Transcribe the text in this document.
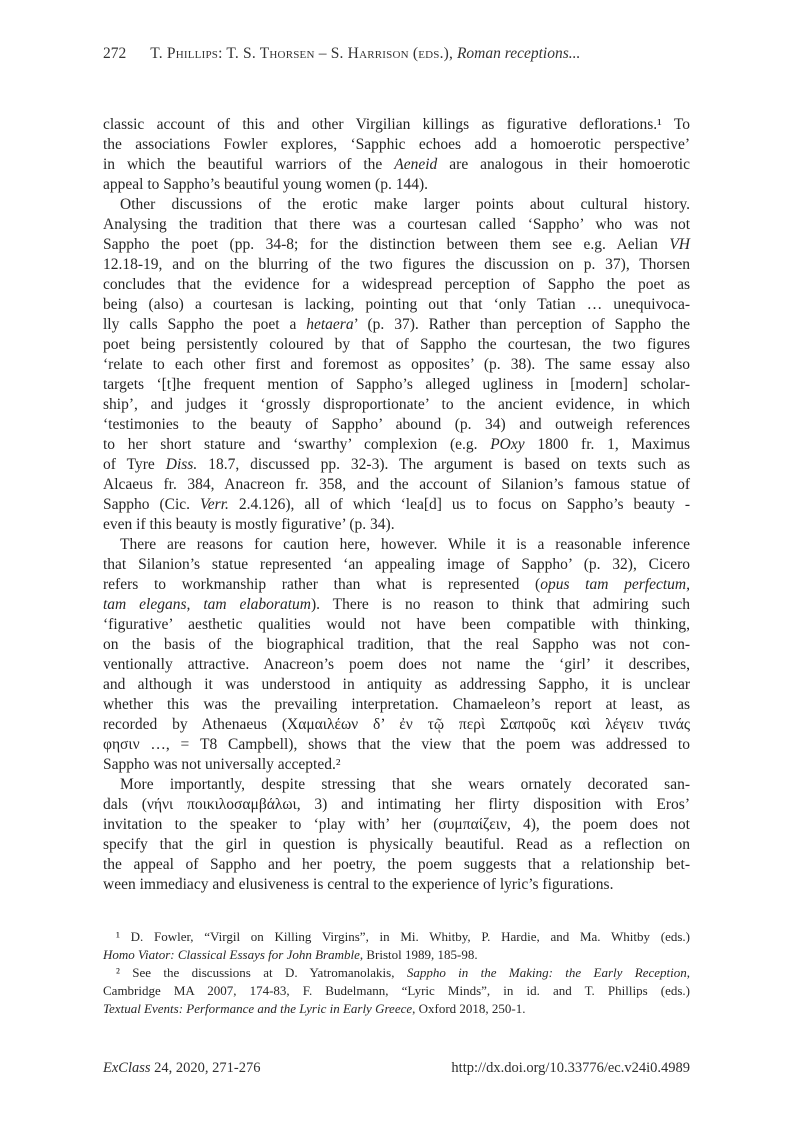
272 T. Phillips: T. S. Thorsen – S. Harrison (eds.), Roman receptions...
classic account of this and other Virgilian killings as figurative deflorations.¹ To
the associations Fowler explores, ‘Sapphic echoes add a homoerotic perspective’
in which the beautiful warriors of the Aeneid are analogous in their homoerotic
appeal to Sappho’s beautiful young women (p. 144).
Other discussions of the erotic make larger points about cultural history.
Analysing the tradition that there was a courtesan called ‘Sappho’ who was not
Sappho the poet (pp. 34-8; for the distinction between them see e.g. Aelian VH
12.18-19, and on the blurring of the two figures the discussion on p. 37), Thorsen
concludes that the evidence for a widespread perception of Sappho the poet as
being (also) a courtesan is lacking, pointing out that ‘only Tatian … unequivoca-
lly calls Sappho the poet a hetaera’ (p. 37). Rather than perception of Sappho the
poet being persistently coloured by that of Sappho the courtesan, the two figures
‘relate to each other first and foremost as opposites’ (p. 38). The same essay also
targets ‘[t]he frequent mention of Sappho’s alleged ugliness in [modern] scholar-
ship’, and judges it ‘grossly disproportionate’ to the ancient evidence, in which
‘testimonies to the beauty of Sappho’ abound (p. 34) and outweigh references
to her short stature and ‘swarthy’ complexion (e.g. POxy 1800 fr. 1, Maximus
of Tyre Diss. 18.7, discussed pp. 32-3). The argument is based on texts such as
Alcaeus fr. 384, Anacreon fr. 358, and the account of Silanion’s famous statue of
Sappho (Cic. Verr. 2.4.126), all of which ‘lea[d] us to focus on Sappho’s beauty -
even if this beauty is mostly figurative’ (p. 34).
There are reasons for caution here, however. While it is a reasonable inference
that Silanion’s statue represented ‘an appealing image of Sappho’ (p. 32), Cicero
refers to workmanship rather than what is represented (opus tam perfectum,
tam elegans, tam elaboratum). There is no reason to think that admiring such
‘figurative’ aesthetic qualities would not have been compatible with thinking,
on the basis of the biographical tradition, that the real Sappho was not con-
ventionally attractive. Anacreon’s poem does not name the ‘girl’ it describes,
and although it was understood in antiquity as addressing Sappho, it is unclear
whether this was the prevailing interpretation. Chamaeleon’s report at least, as
recorded by Athenaeus (Χαμαιλέων δ’ ἐν τῷ περὶ Σαπφοῦς καὶ λέγειν τινάς
φησιν …, = T8 Campbell), shows that the view that the poem was addressed to
Sappho was not universally accepted.²
More importantly, despite stressing that she wears ornately decorated san-
dals (νήνι ποικιλοσαμβάλωι, 3) and intimating her flirty disposition with Eros’
invitation to the speaker to ‘play with’ her (συμπαίζειν, 4), the poem does not
specify that the girl in question is physically beautiful. Read as a reflection on
the appeal of Sappho and her poetry, the poem suggests that a relationship bet-
ween immediacy and elusiveness is central to the experience of lyric’s figurations.
¹ D. Fowler, “Virgil on Killing Virgins”, in Mi. Whitby, P. Hardie, and Ma. Whitby (eds.)
Homo Viator: Classical Essays for John Bramble, Bristol 1989, 185-98.
² See the discussions at D. Yatromanolakis, Sappho in the Making: the Early Reception,
Cambridge MA 2007, 174-83, F. Budelmann, “Lyric Minds”, in id. and T. Phillips (eds.)
Textual Events: Performance and the Lyric in Early Greece, Oxford 2018, 250-1.
ExClass 24, 2020, 271-276	http://dx.doi.org/10.33776/ec.v24i0.4989
